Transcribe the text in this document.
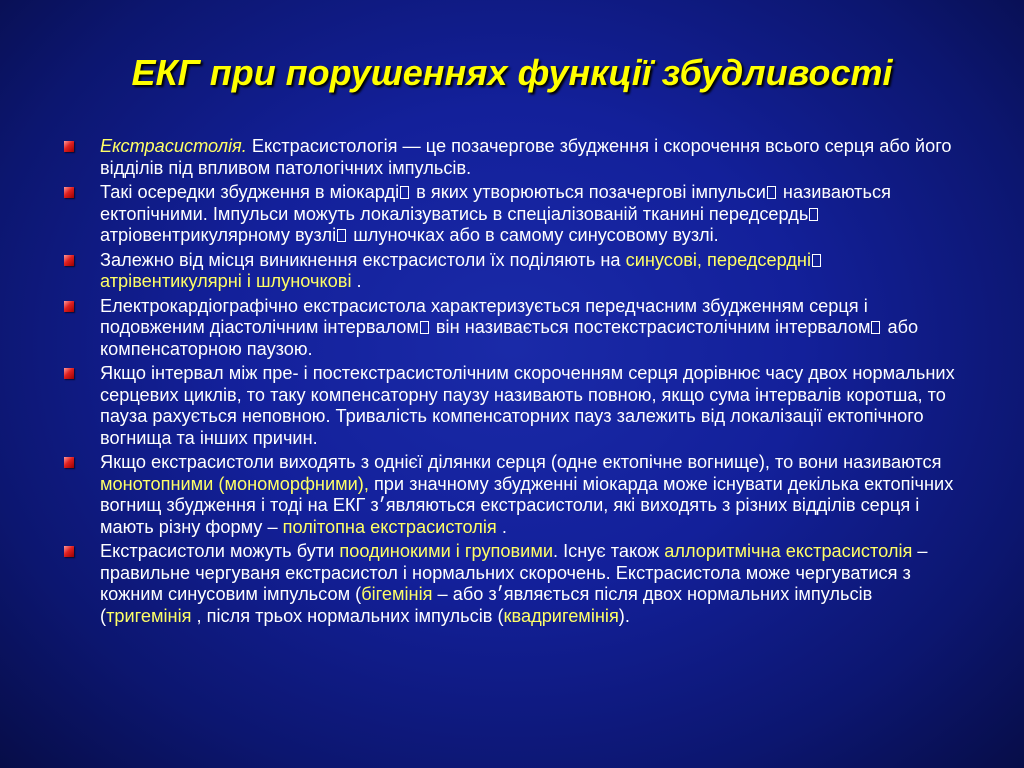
ЕКГ при порушеннях функції збудливості
Екстрасистолія. Екстрасистологія — це позачергове збудження і скорочення всього серця або його відділів під впливом патологічних імпульсів.
Такі осередки збудження в міокарді в яких утворюються позачергові імпульси називаються ектопічними. Імпульси можуть локалізуватись в спеціалізованій тканині передсердь атріовентрикулярному вузлі шлуночках або в самому синусовому вузлі.
Залежно від місця виникнення екстрасистоли їх поділяють на синусові, передсердні атрівентикулярні і шлуночкові .
Електрокардіографічно екстрасистола характеризується передчасним збудженням серця і подовженим діастолічним інтервалом він називається постекстрасистолічним інтервалом або компенсаторною паузою.
Якщо інтервал між пре- і постекстрасистолічним скороченням серця дорівнює часу двох нормальних серцевих циклів, то таку компенсаторну паузу називають повною, якщо сума інтервалів коротша, то пауза рахується неповною. Тривалість компенсаторних пауз залежить від локалізації ектопічного вогнища та інших причин.
Якщо екстрасистоли виходять з однієї ділянки серця (одне ектопічне вогнище), то вони називаются монотопними (мономорфними), при значному збудженні міокарда може існувати декілька ектопічних вогнищ збудження і тоді на ЕКГ з׳являються екстрасистоли, які виходять з різних відділів серця і мають різну форму – політопна екстрасистолія .
Екстрасистоли можуть бути поодинокими і груповими. Існує також аллоритмічна екстрасистолія – правильне чергуваня екстрасистол і нормальних скорочень. Екстрасистола може чергуватися з кожним синусовим імпульсом (бігемінія – або з׳являється після двох нормальних імпульсів (тригемінія , після трьох нормальних імпульсів (квадригемінія).
